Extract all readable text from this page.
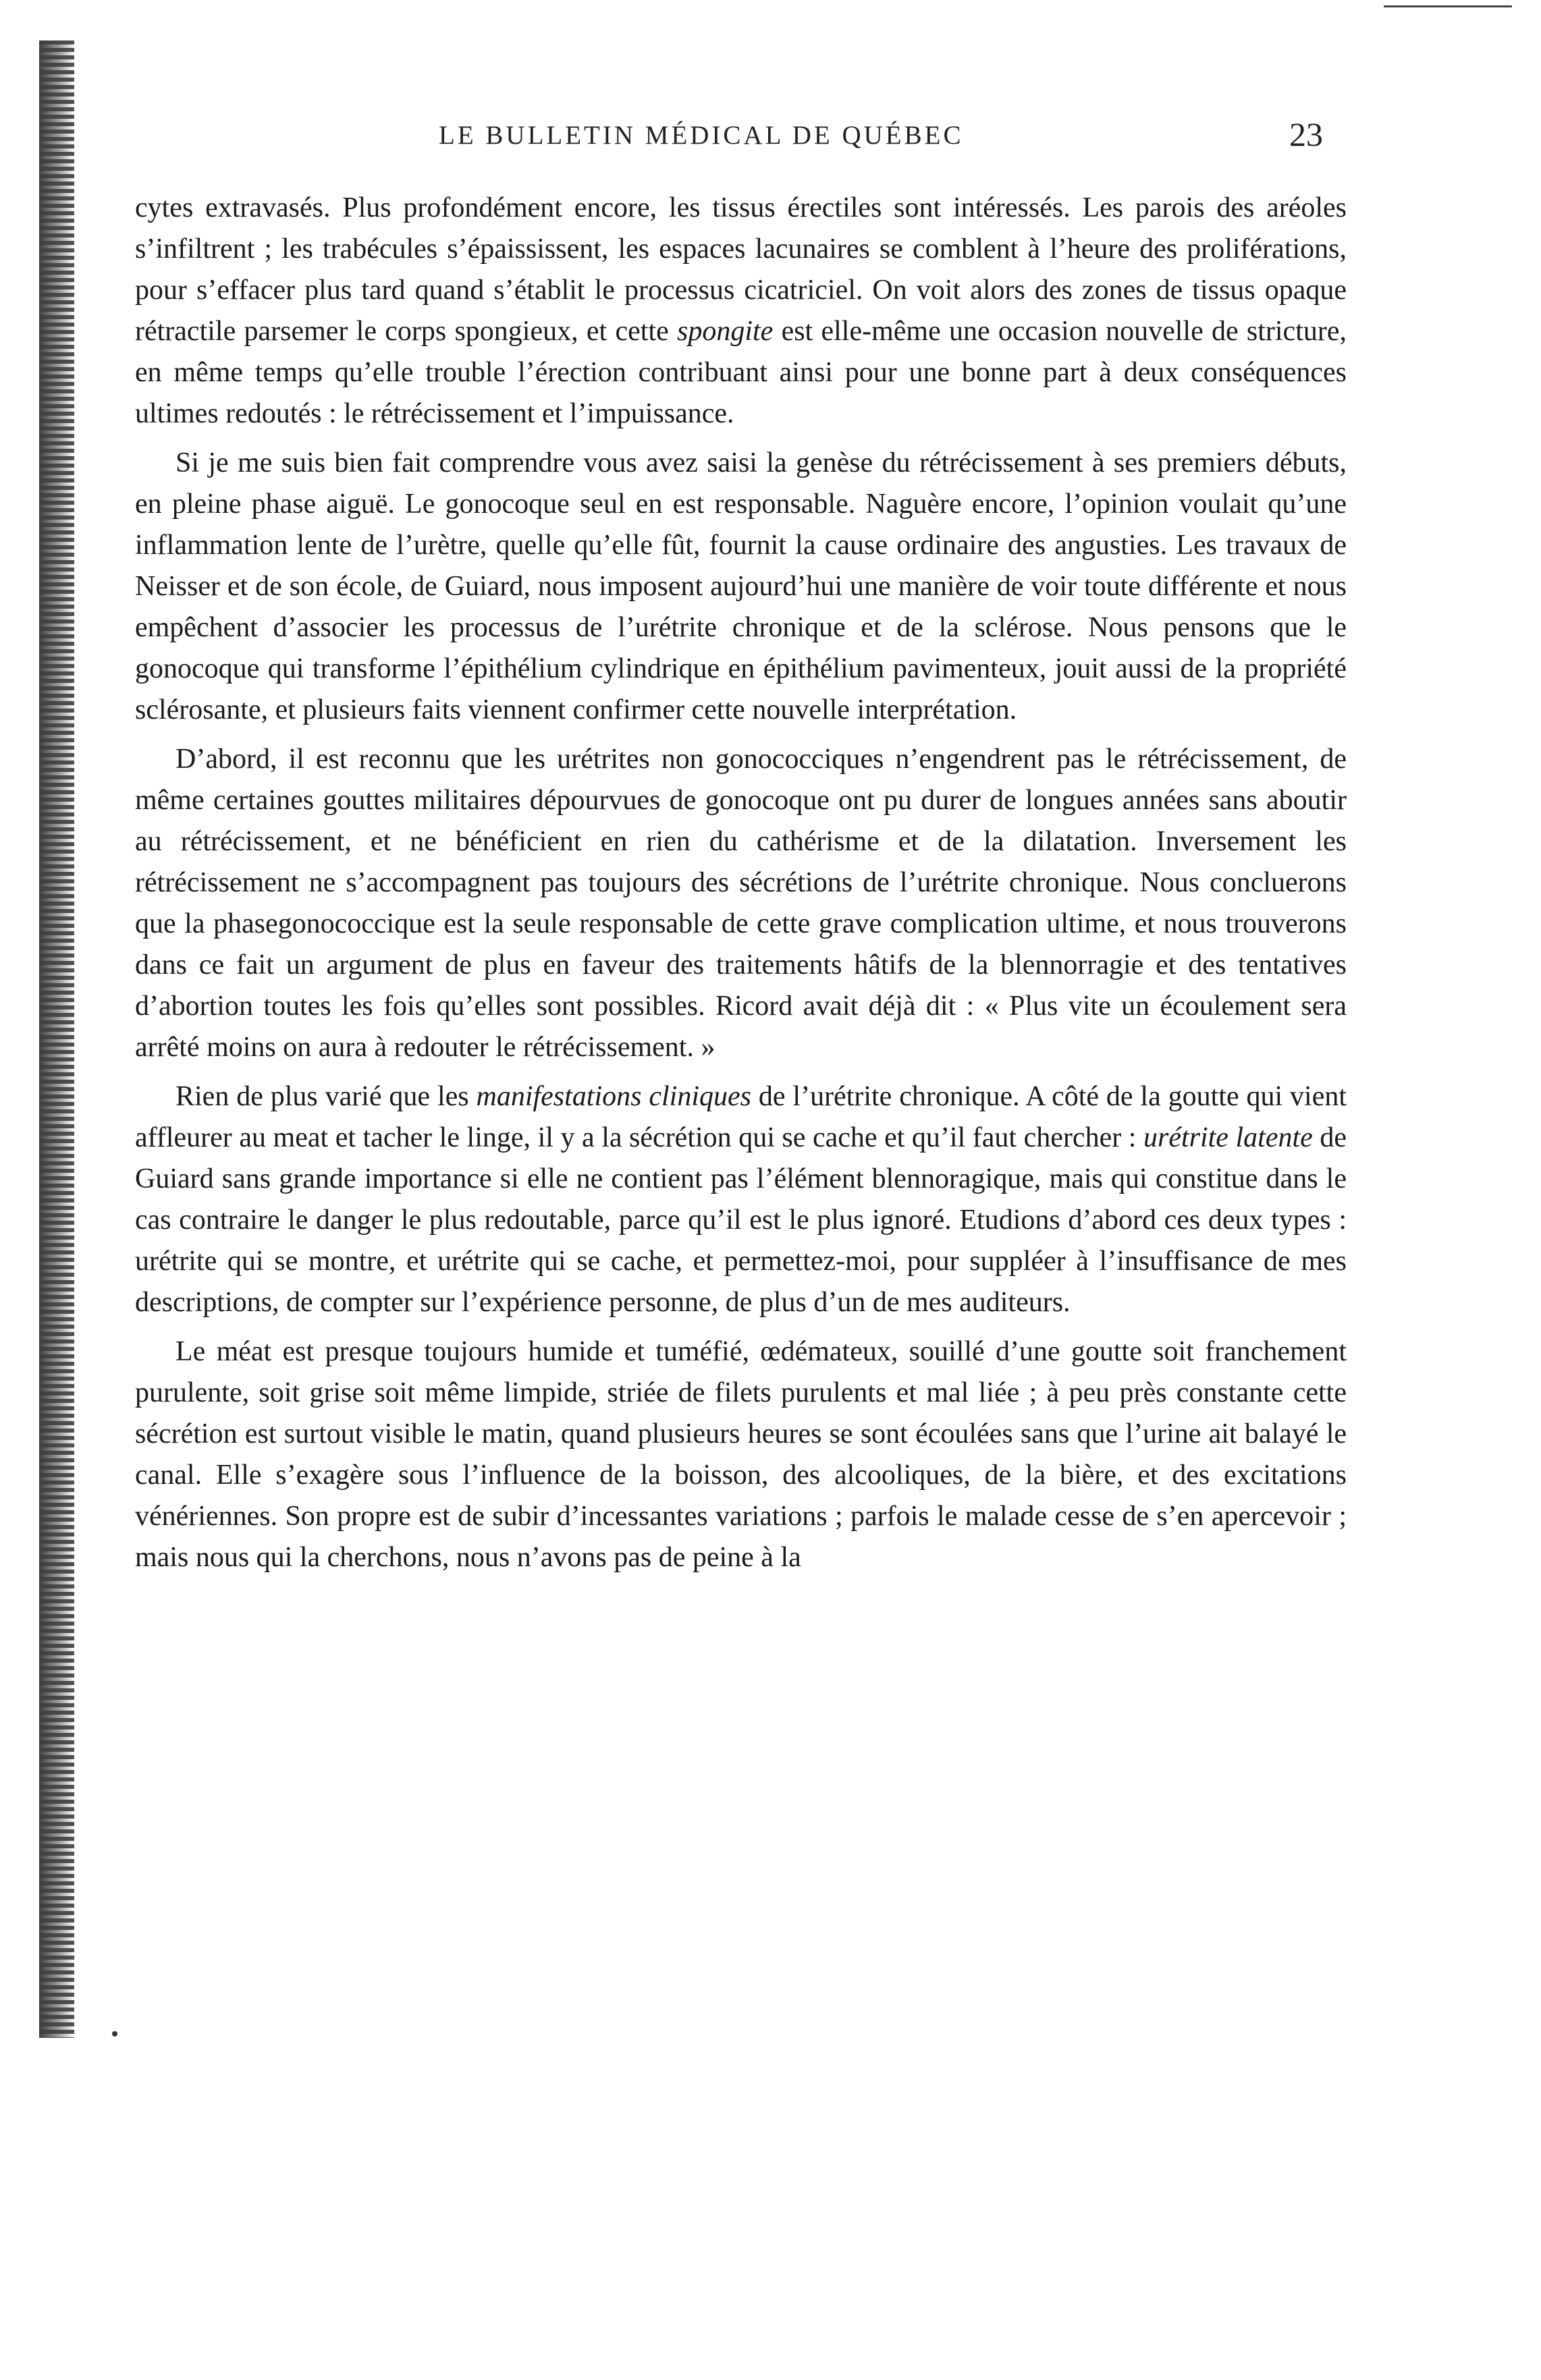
LE BULLETIN MÉDICAL DE QUÉBEC	23

cytes extravasés. Plus profondément encore, les tissus érectiles sont intéressés. Les parois des aréoles s’infiltrent ; les trabécules s’épaississent, les espaces lacunaires se comblent à l’heure des proliférations, pour s’effacer plus tard quand s’établit le processus cicatriciel. On voit alors des zones de tissus opaque rétractile parsemer le corps spongieux, et cette spongite est elle-même une occasion nouvelle de stricture, en même temps qu’elle trouble l’érection contribuant ainsi pour une bonne part à deux conséquences ultimes redoutés : le rétrécissement et l’impuissance.

Si je me suis bien fait comprendre vous avez saisi la genèse du rétrécissement à ses premiers débuts, en pleine phase aiguë. Le gonocoque seul en est responsable. Naguère encore, l’opinion voulait qu’une inflammation lente de l’urètre, quelle qu’elle fût, fournit la cause ordinaire des angusties. Les travaux de Neisser et de son école, de Guiard, nous imposent aujourd’hui une manière de voir toute différente et nous empêchent d’associer les processus de l’urétrite chronique et de la sclérose. Nous pensons que le gonocoque qui transforme l’épithélium cylindrique en épithélium pavimenteux, jouit aussi de la propriété sclérosante, et plusieurs faits viennent confirmer cette nouvelle interprétation.

D’abord, il est reconnu que les urétrites non gonococciques n’engendrent pas le rétrécissement, de même certaines gouttes militaires dépourvues de gonocoque ont pu durer de longues années sans aboutir au rétrécissement, et ne bénéficient en rien du cathérisme et de la dilatation. Inversement les rétrécissement ne s’accompagnent pas toujours des sécrétions de l’urétrite chronique. Nous concluerons que la phasegonococcique est la seule responsable de cette grave complication ultime, et nous trouverons dans ce fait un argument de plus en faveur des traitements hâtifs de la blennorragie et des tentatives d’abortion toutes les fois qu’elles sont possibles. Ricord avait déjà dit : « Plus vite un écoulement sera arrêté moins on aura à redouter le rétrécissement. »

Rien de plus varié que les manifestations cliniques de l’urétrite chronique. A côté de la goutte qui vient affleurer au meat et tacher le linge, il y a la sécrétion qui se cache et qu’il faut chercher : urétrite latente de Guiard sans grande importance si elle ne contient pas l’élément blennoragique, mais qui constitue dans le cas contraire le danger le plus redoutable, parce qu’il est le plus ignoré. Etudions d’abord ces deux types : urétrite qui se montre, et urétrite qui se cache, et permettez-moi, pour suppléer à l’insuffisance de mes descriptions, de compter sur l’expérience personne, de plus d’un de mes auditeurs.

Le méat est presque toujours humide et tuméfié, œdémateux, souillé d’une goutte soit franchement purulente, soit grise soit même limpide, striée de filets purulents et mal liée ; à peu près constante cette sécrétion est surtout visible le matin, quand plusieurs heures se sont écoulées sans que l’urine ait balayé le canal. Elle s’exagère sous l’influence de la boisson, des alcooliques, de la bière, et des excitations vénériennes. Son propre est de subir d’incessantes variations ; parfois le malade cesse de s’en apercevoir ; mais nous qui la cherchons, nous n’avons pas de peine à la
